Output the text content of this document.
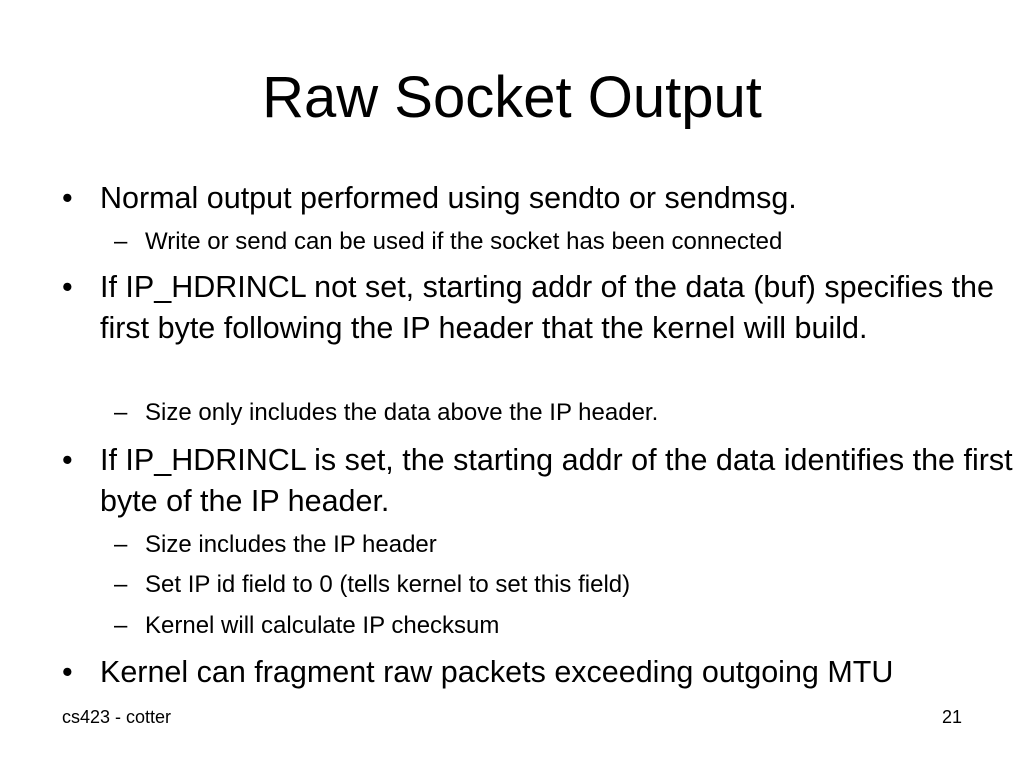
Raw Socket Output
• Normal output performed using sendto or sendmsg.
– Write or send can be used if the socket has been connected
• If IP_HDRINCL not set, starting addr of the data (buf) specifies the first byte following the IP header that the kernel will build.
– Size only includes the data above the IP header.
• If IP_HDRINCL is set, the starting addr of the data identifies the first byte of the IP header.
– Size includes the IP header
– Set IP id field to 0 (tells kernel to set this field)
– Kernel will calculate IP checksum
• Kernel can fragment raw packets exceeding outgoing MTU
cs423 - cotter	21
